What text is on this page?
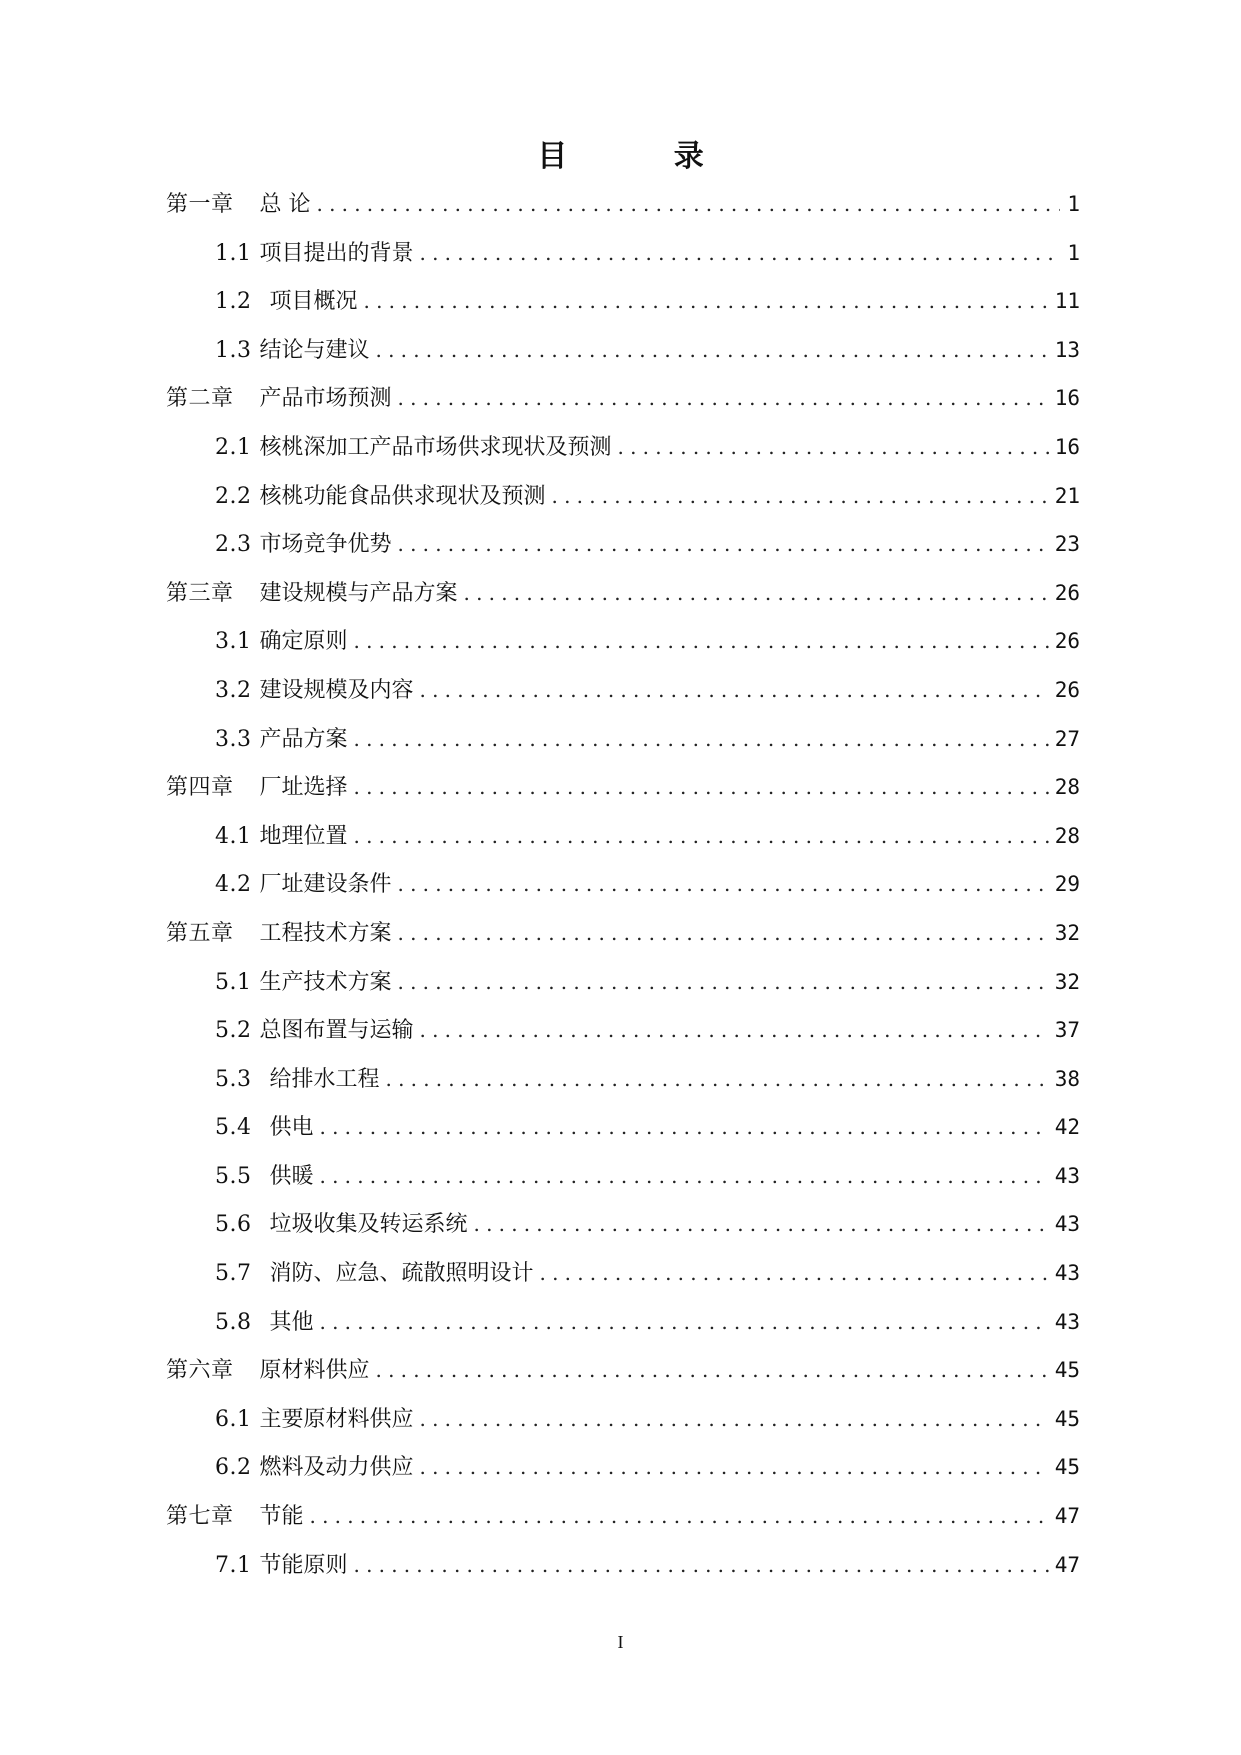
目 录
第一章 总 论 .....	1
1.1 项目提出的背景 .....	1
1.2 项目概况 .....	11
1.3 结论与建议 .....	13
第二章 产品市场预测 .....	16
2.1 核桃深加工产品市场供求现状及预测 .....	16
2.2 核桃功能食品供求现状及预测 .....	21
2.3 市场竞争优势 .....	23
第三章 建设规模与产品方案 .....	26
3.1 确定原则 .....	26
3.2 建设规模及内容 .....	26
3.3 产品方案 .....	27
第四章 厂址选择 .....	28
4.1 地理位置 .....	28
4.2 厂址建设条件 .....	29
第五章 工程技术方案 .....	32
5.1 生产技术方案 .....	32
5.2 总图布置与运输 .....	37
5.3 给排水工程 .....	38
5.4 供电 .....	42
5.5 供暖 .....	43
5.6 垃圾收集及转运系统 .....	43
5.7 消防、应急、疏散照明设计 .....	43
5.8 其他 .....	43
第六章 原材料供应 .....	45
6.1 主要原材料供应 .....	45
6.2 燃料及动力供应 .....	45
第七章 节能 .....	47
7.1 节能原则 .....	47
I
